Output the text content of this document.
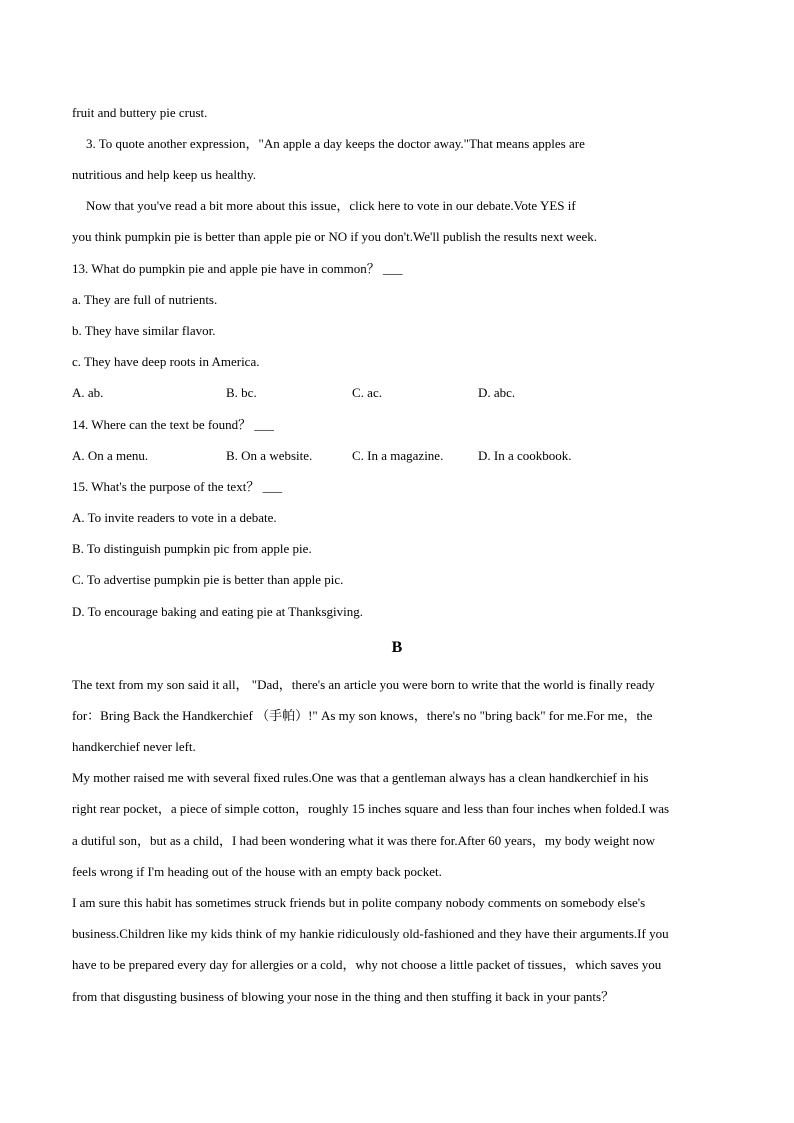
fruit and buttery pie crust.
3. To quote another expression，"An apple a day keeps the doctor away."That means apples are
nutritious and help keep us healthy.
Now that you've read a bit more about this issue，click here to vote in our debate.Vote YES if
you think pumpkin pie is better than apple pie or NO if you don't.We'll publish the results next week.
13. What do pumpkin pie and apple pie have in common？ ___
a. They are full of nutrients.
b. They have similar flavor.
c. They have deep roots in America.
A. ab.	B. bc.	C. ac.	D. abc.
14. Where can the text be found？ ___
A. On a menu.	B. On a website.	C. In a magazine.	D. In a cookbook.
15. What's the purpose of the text？ ___
A. To invite readers to vote in a debate.
B. To distinguish pumpkin pic from apple pie.
C. To advertise pumpkin pie is better than apple pic.
D. To encourage baking and eating pie at Thanksgiving.
B
The text from my son said it all， "Dad，there's an article you were born to write that the world is finally ready
for：Bring Back the Handkerchief （手帕）!" As my son knows，there's no "bring back" for me.For me，the
handkerchief never left.
My mother raised me with several fixed rules.One was that a gentleman always has a clean handkerchief in his
right rear pocket，a piece of simple cotton，roughly 15 inches square and less than four inches when folded.I was
a dutiful son，but as a child，I had been wondering what it was there for.After 60 years，my body weight now
feels wrong if I'm heading out of the house with an empty back pocket.
I am sure this habit has sometimes struck friends but in polite company nobody comments on somebody else's
business.Children like my kids think of my hankie ridiculously old-fashioned and they have their arguments.If you
have to be prepared every day for allergies or a cold，why not choose a little packet of tissues，which saves you
from that disgusting business of blowing your nose in the thing and then stuffing it back in your pants？
